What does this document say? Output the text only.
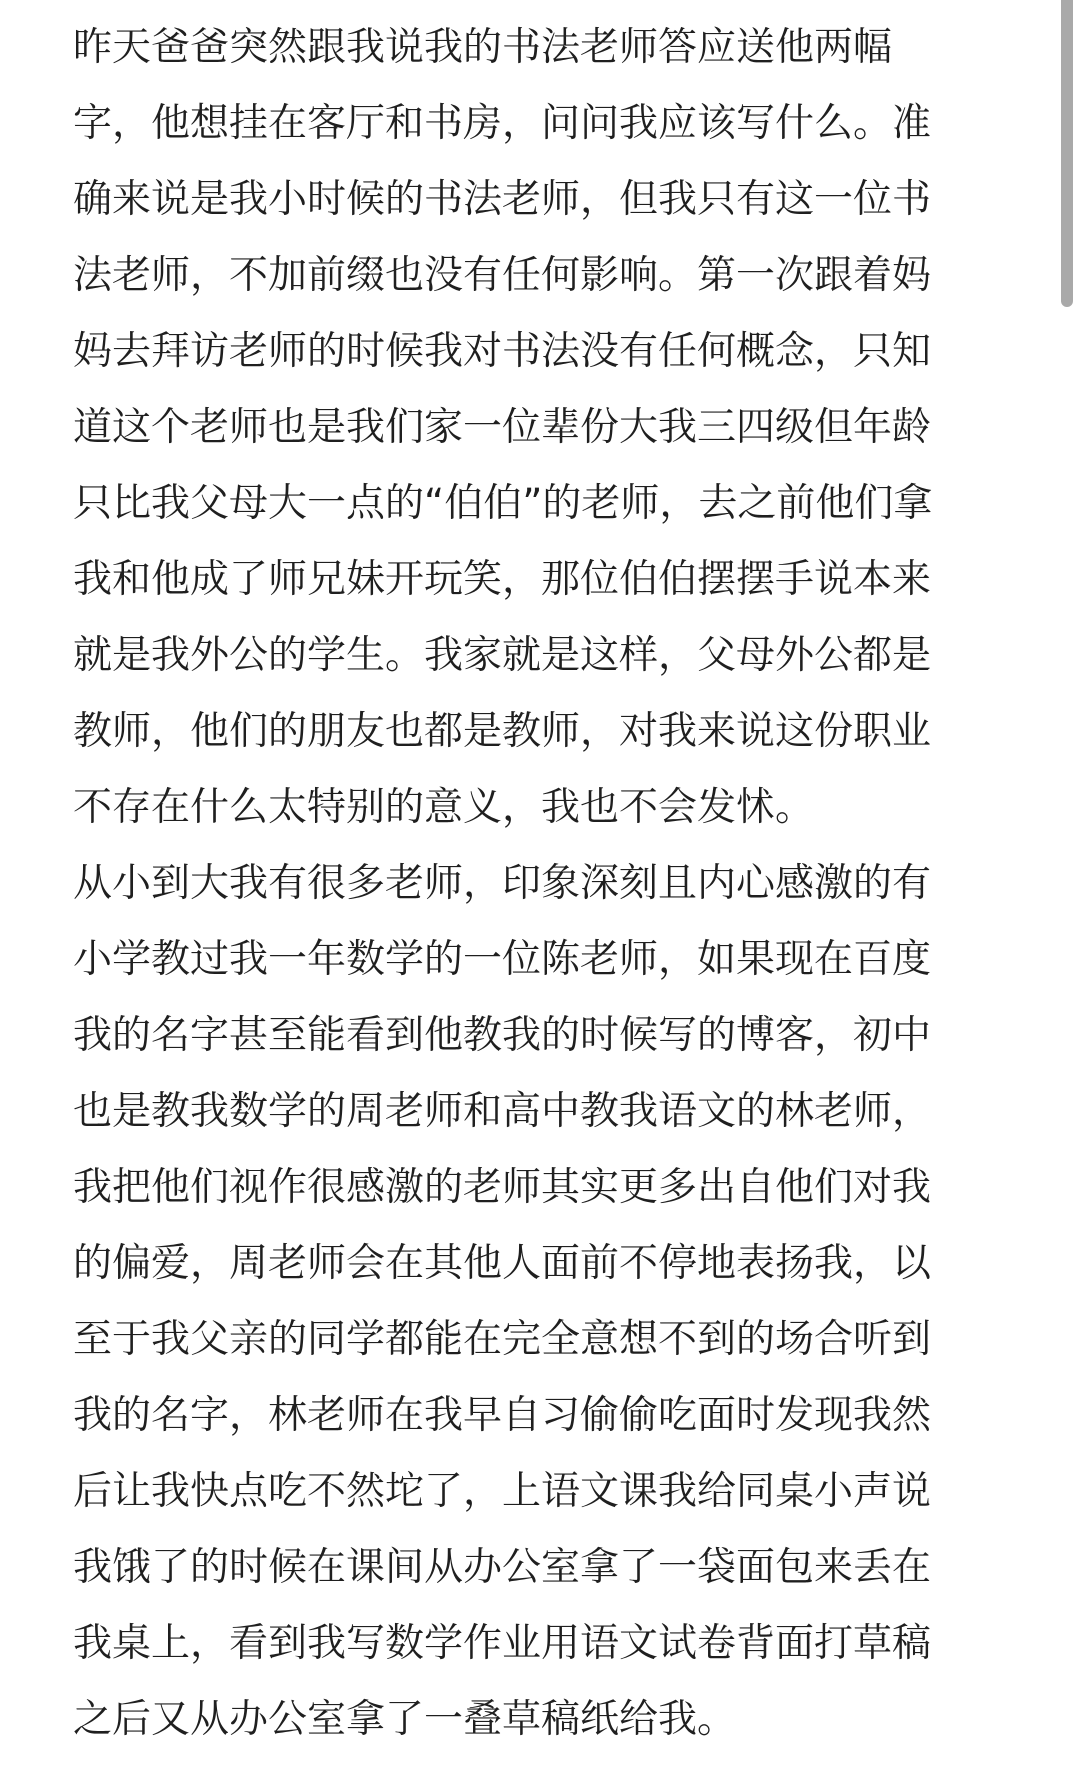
昨天爸爸突然跟我说我的书法老师答应送他两幅
字，他想挂在客厅和书房，问问我应该写什么。准
确来说是我小时候的书法老师，但我只有这一位书
法老师，不加前缀也没有任何影响。第一次跟着妈
妈去拜访老师的时候我对书法没有任何概念，只知
道这个老师也是我们家一位辈份大我三四级但年龄
只比我父母大一点的“伯伯”的老师，去之前他们拿
我和他成了师兄妹开玩笑，那位伯伯摆摆手说本来
就是我外公的学生。我家就是这样，父母外公都是
教师，他们的朋友也都是教师，对我来说这份职业
不存在什么太特别的意义，我也不会发怵。
从小到大我有很多老师，印象深刻且内心感激的有
小学教过我一年数学的一位陈老师，如果现在百度
我的名字甚至能看到他教我的时候写的博客，初中
也是教我数学的周老师和高中教我语文的林老师，
我把他们视作很感激的老师其实更多出自他们对我
的偏爱，周老师会在其他人面前不停地表扬我，以
至于我父亲的同学都能在完全意想不到的场合听到
我的名字，林老师在我早自习偷偷吃面时发现我然
后让我快点吃不然坨了，上语文课我给同桌小声说
我饿了的时候在课间从办公室拿了一袋面包来丢在
我桌上，看到我写数学作业用语文试卷背面打草稿
之后又从办公室拿了一叠草稿纸给我。
